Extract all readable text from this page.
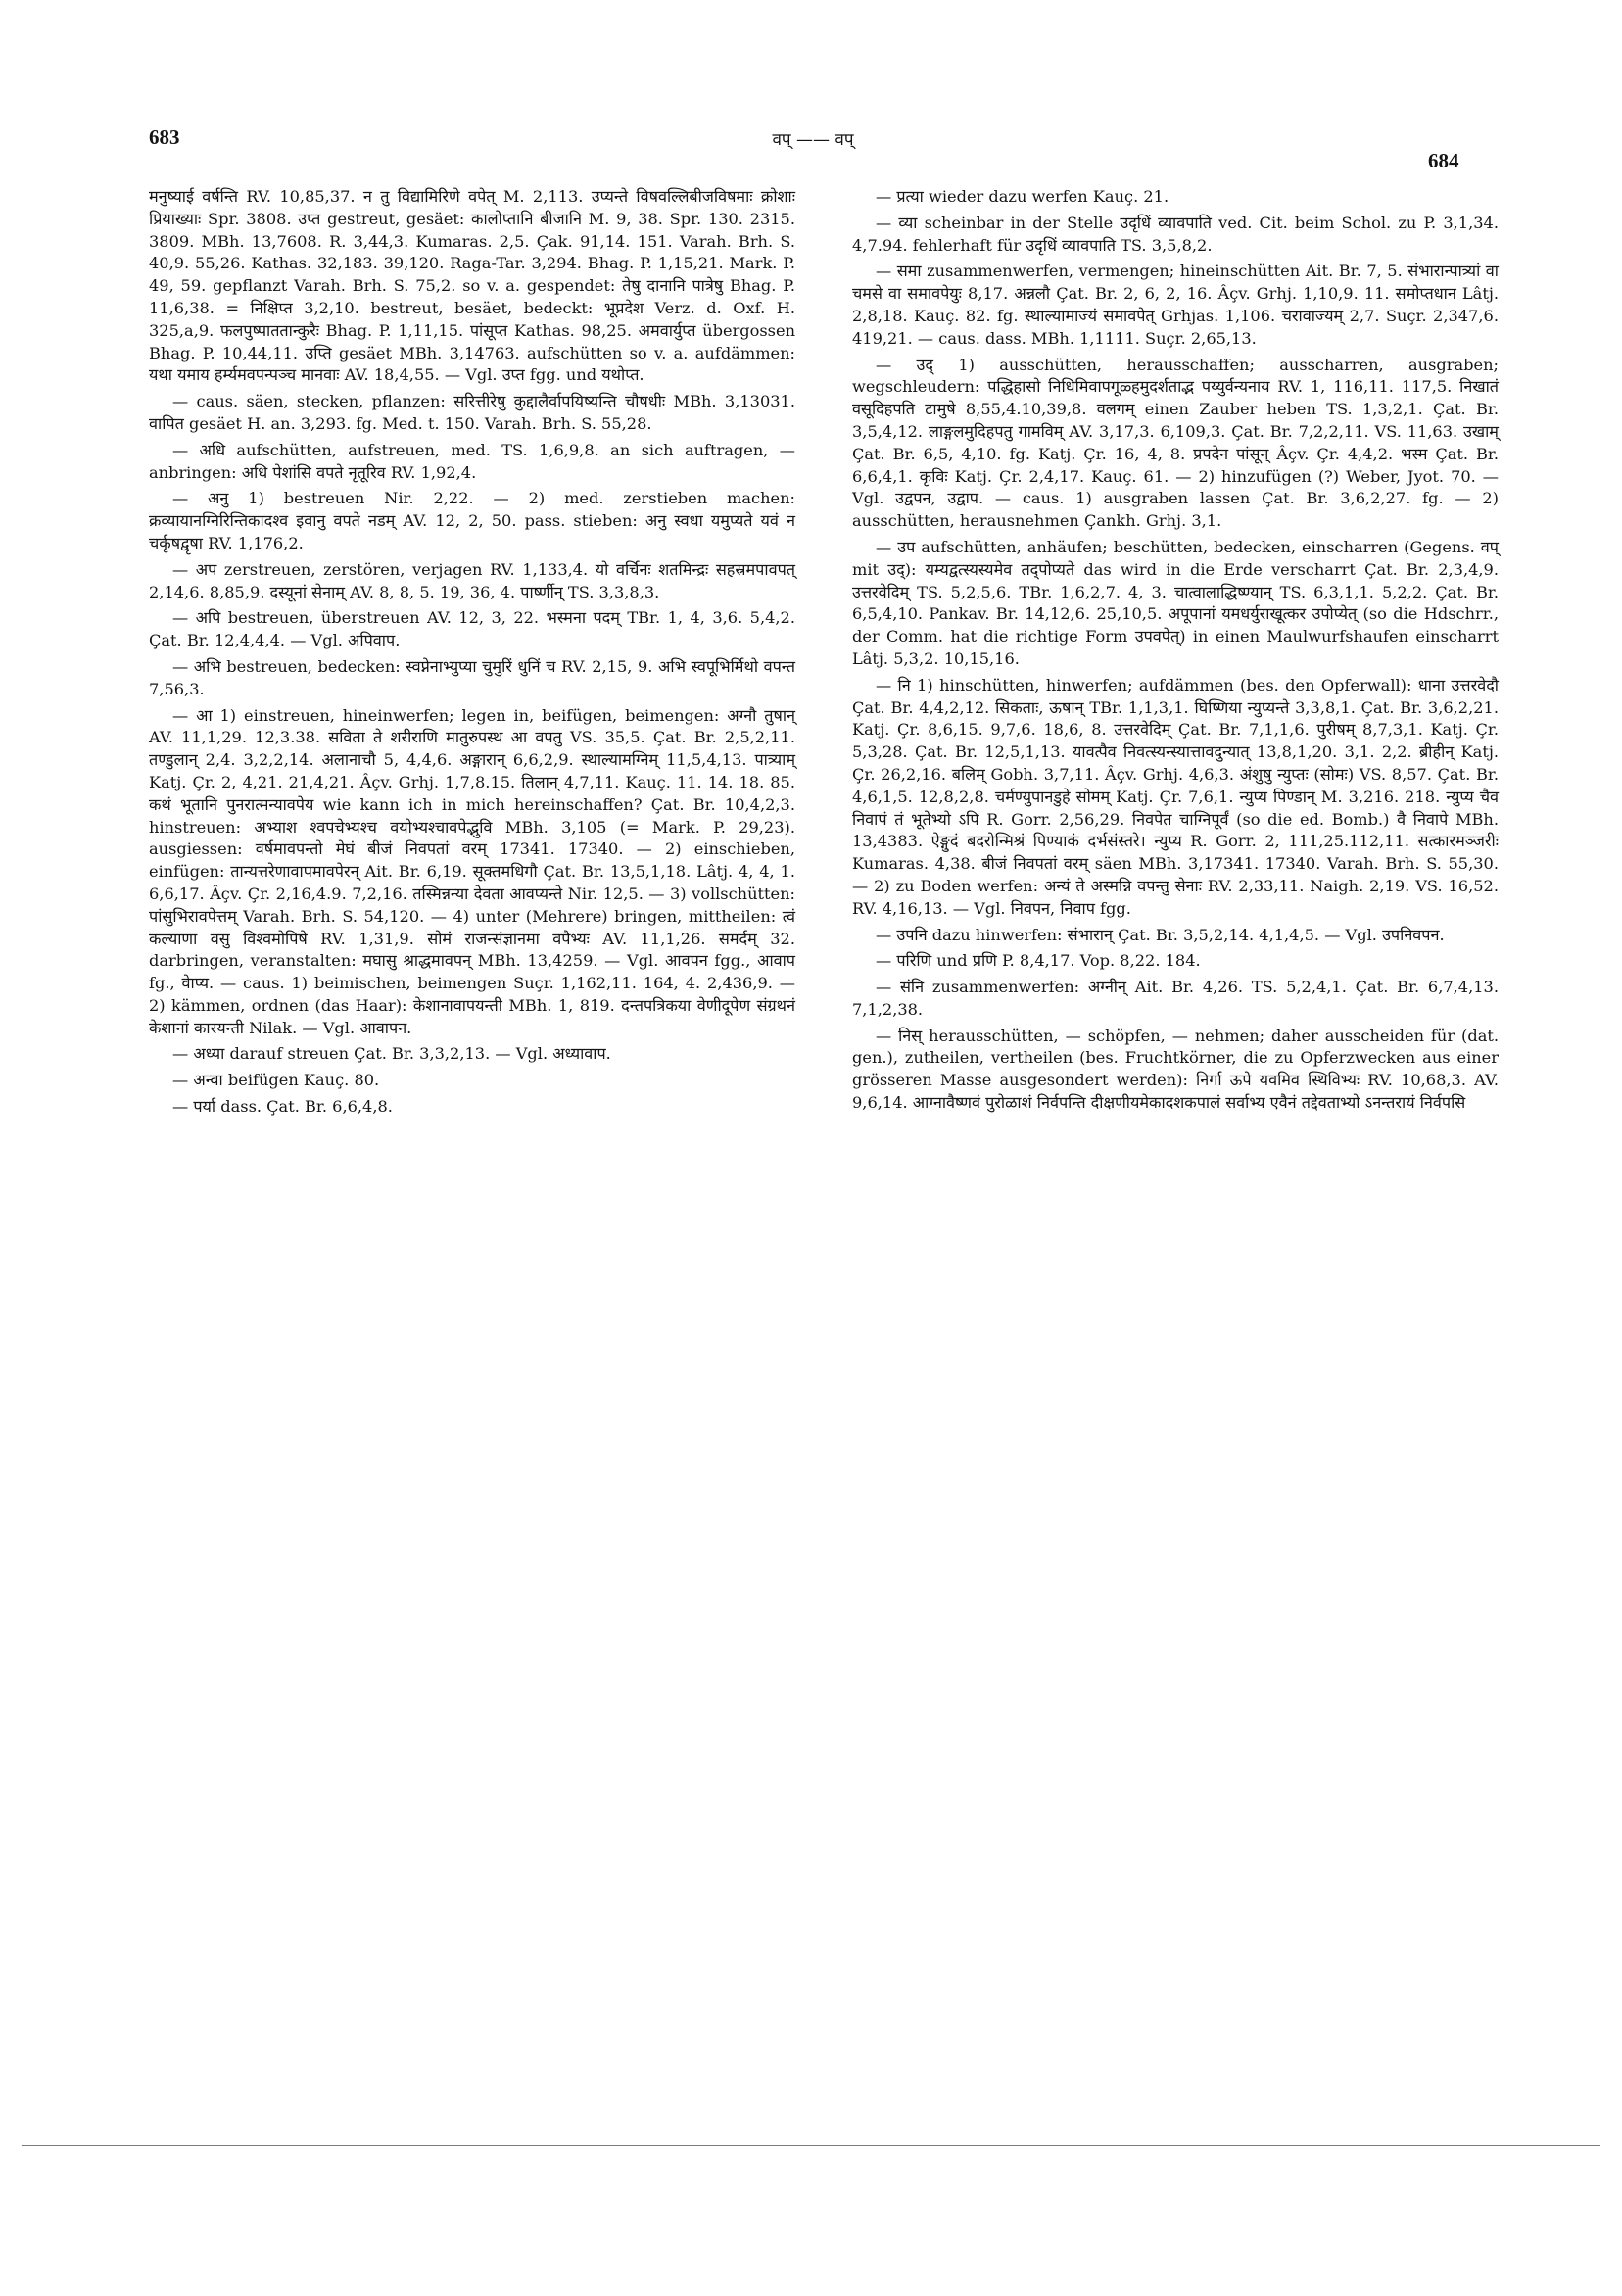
683	वप् —— वप्
684

मनुष्याई वर्षन्ति RV. 10,85,37. न तु विद्यामिरिणे वपेत् M. 2,113. उप्यन्ते विषवल्लिबीजविषमाः क्रोशाः प्रियाख्याः Spr. 3808. उप्त gestreut, gesäet: कालोप्तानि बीजानि M. 9, 38. Spr. 130. 2315. 3809. MBh. 13,7608. R. 3,44,3. Kumaras. 2,5. Çak. 91,14. 151. Varah. Brh. S. 40,9. 55,26. Kathas. 32,183. 39,120. Raga-Tar. 3,294. Bhag. P. 1,15,21. Mark. P. 49, 59. gepflanzt Varah. Brh. S. 75,2. so v. a. gespendet: तेषु दानानि पात्रेषु Bhag. P. 11,6,38. = निक्षिप्त 3,2,10. bestreut, besäet, bedeckt: भूप्रदेश Verz. d. Oxf. H. 325,a,9. फलपुष्पाततान्कुरैः Bhag. P. 1,11,15. पांसूप्त Kathas. 98,25. अमवार्युप्त übergossen Bhag. P. 10,44,11. उप्ति gesäet MBh. 3,14763. aufschütten so v. a. aufdämmen: यथा यमाय हर्म्यमवपन्पञ्च मानवाः AV. 18,4,55. — Vgl. उप्त fgg. und यथोप्त.

— caus. säen, stecken, pflanzen: सरित्तीरेषु कुद्दालैर्वापयिष्यन्ति चौषधीः MBh. 3,13031. वापित gesäet H. an. 3,293. fg. Med. t. 150. Varah. Brh. S. 55,28.

— अधि aufschütten, aufstreuen, med. TS. 1,6,9,8. an sich auftragen, — anbringen: अधि पेशांसि वपते नृतूरिव RV. 1,92,4.

— अनु 1) bestreuen Nir. 2,22. — 2) med. zerstieben machen: क्रव्यायानग्निरिन्तिकादश्व इवानु वपते नडम् AV. 12, 2, 50. pass. stieben: अनु स्वधा यमुप्यते यवं न चर्कृषद्वृषा RV. 1,176,2.

— अप zerstreuen, zerstören, verjagen RV. 1,133,4. यो वर्चिनः शतमिन्द्रः सहस्रमपावपत् 2,14,6. 8,85,9. दस्यूनां सेनाम् AV. 8, 8, 5. 19, 36, 4. पार्ष्णीन् TS. 3,3,8,3.

— अपि bestreuen, überstreuen AV. 12, 3, 22. भस्मना पदम् TBr. 1, 4, 3,6. 5,4,2. Çat. Br. 12,4,4,4. — Vgl. अपिवाप.

— अभि bestreuen, bedecken: स्वप्नेनाभ्युप्या चुमुरिं धुनिं च RV. 2,15, 9. अभि स्वपूभिर्मिथो वपन्त 7,56,3.

— आ 1) einstreuen, hineinwerfen; legen in, beifügen, beimengen: अग्नौ तुषान् AV. 11,1,29. 12,3.38. सविता ते शरीराणि मातुरुपस्थ आ वपतु VS. 35,5. Çat. Br. 2,5,2,11. तण्डुलान् 2,4. 3,2,2,14. अलानाचौ 5, 4,4,6. अङ्गारान् 6,6,2,9. स्थाल्यामग्निम् 11,5,4,13. पात्र्याम् Katj. Çr. 2, 4,21. 21,4,21. Âçv. Grhj. 1,7,8.15. तिलान् 4,7,11. Kauç. 11. 14. 18. 85. कथं भूतानि पुनरात्मन्यावपेय wie kann ich in mich hereinschaffen? Çat. Br. 10,4,2,3. hinstreuen: अभ्याश श्वपचेभ्यश्च वयोभ्यश्चावपेद्भुवि MBh. 3,105 (= Mark. P. 29,23). ausgiessen: वर्षमावपन्तो मेघं बीजं निवपतां वरम् 17341. 17340. — 2) einschieben, einfügen: तान्यत्तरेणावापमावपेरन् Ait. Br. 6,19. सूक्तमधिगौ Çat. Br. 13,5,1,18. Lâtj. 4, 4, 1. 6,6,17. Âçv. Çr. 2,16,4.9. 7,2,16. तस्मिन्नन्या देवता आवप्यन्ते Nir. 12,5. — 3) vollschütten: पांसुभिरावपेत्तम् Varah. Brh. S. 54,120. — 4) unter (Mehrere) bringen, mittheilen: त्वं कल्याणा वसु विश्वमोपिषे RV. 1,31,9. सोमं राजन्संज्ञानमा वपैभ्यः AV. 11,1,26. समर्दम् 32. darbringen, veranstalten: मघासु श्राद्धमावपन् MBh. 13,4259. — Vgl. आवपन fgg., आवाप fg., वेाप्य. — caus. 1) beimischen, beimengen Suçr. 1,162,11. 164, 4. 2,436,9. — 2) kämmen, ordnen (das Haar): केशानावापयन्ती MBh. 1, 819. दन्तपत्रिकया वेणीदूपेण संग्रथनं केशानां कारयन्ती Nilak. — Vgl. आवापन.

— अध्या darauf streuen Çat. Br. 3,3,2,13. — Vgl. अध्यावाप.

— अन्वा beifügen Kauç. 80.

— पर्या dass. Çat. Br. 6,6,4,8.

— प्रत्या wieder dazu werfen Kauç. 21.

— व्या scheinbar in der Stelle उदृधिं व्यावपाति ved. Cit. beim Schol. zu P. 3,1,34. 4,7.94. fehlerhaft für उदृधिं व्यावपाति TS. 3,5,8,2.

— समा zusammenwerfen, vermengen; hineinschütten Ait. Br. 7, 5. संभारान्पात्र्यां वा चमसे वा समावपेयुः 8,17. अन्नलौ Çat. Br. 2, 6, 2, 16. Âçv. Grhj. 1,10,9. 11. समोप्तधान Lâtj. 2,8,18. Kauç. 82. fg. स्थाल्यामाज्यं समावपेत् Grhjas. 1,106. चरावाज्यम् 2,7. Suçr. 2,347,6. 419,21. — caus. dass. MBh. 1,1111. Suçr. 2,65,13.

— उद् 1) ausschütten, herausschaffen; ausscharren, ausgraben; wegschleudern: पद्धिहासो निधिमिवापगूळ्हमुदर्शताद्भ पय्युर्वन्यनाय RV. 1, 116,11. 117,5. निखातं वसूदिहपति टामुषे 8,55,4.10,39,8. वलगम् einen Zauber heben TS. 1,3,2,1. Çat. Br. 3,5,4,12. लाङ्गलमुदिहपतु गामविम् AV. 3,17,3. 6,109,3. Çat. Br. 7,2,2,11. VS. 11,63. उखाम् Çat. Br. 6,5, 4,10. fg. Katj. Çr. 16, 4, 8. प्रपदेन पांसून् Âçv. Çr. 4,4,2. भस्म Çat. Br. 6,6,4,1. कृविः Katj. Çr. 2,4,17. Kauç. 61. — 2) hinzufügen (?) Weber, Jyot. 70. — Vgl. उद्वपन, उद्वाप. — caus. 1) ausgraben lassen Çat. Br. 3,6,2,27. fg. — 2) ausschütten, herausnehmen Çankh. Grhj. 3,1.

— उप aufschütten, anhäufen; beschütten, bedecken, einscharren (Gegens. वप् mit उद्): यम्यद्वत्स्यस्यमेव तद्पोप्यते das wird in die Erde verscharrt Çat. Br. 2,3,4,9. उत्तरवेदिम् TS. 5,2,5,6. TBr. 1,6,2,7. 4, 3. चात्वालाद्धिष्ण्यान् TS. 6,3,1,1. 5,2,2. Çat. Br. 6,5,4,10. Pankav. Br. 14,12,6. 25,10,5. अपूपानां यमधर्युराखूत्कर उपोप्येत् (so die Hdschrr., der Comm. hat die richtige Form उपवपेत्) in einen Maulwurfshaufen einscharrt Lâtj. 5,3,2. 10,15,16.

— नि 1) hinschütten, hinwerfen; aufdämmen (bes. den Opferwall): धाना उत्तरवेदौ Çat. Br. 4,4,2,12. सिकताः, ऊषान् TBr. 1,1,3,1. घिष्णिया न्युप्यन्ते 3,3,8,1. Çat. Br. 3,6,2,21. Katj. Çr. 8,6,15. 9,7,6. 18,6, 8. उत्तरवेदिम् Çat. Br. 7,1,1,6. पुरीषम् 8,7,3,1. Katj. Çr. 5,3,28. Çat. Br. 12,5,1,13. यावत्पैव निवत्स्यन्स्यात्तावदुन्यात् 13,8,1,20. 3,1. 2,2. ब्रीहीन् Katj. Çr. 26,2,16. बलिम् Gobh. 3,7,11. Âçv. Grhj. 4,6,3. अंशुषु न्युप्तः (सोमः) VS. 8,57. Çat. Br. 4,6,1,5. 12,8,2,8. चर्मण्युपानडुहे सोमम् Katj. Çr. 7,6,1. न्युप्य पिण्डान् M. 3,216. 218. न्युप्य चैव निवापं तं भूतेभ्यो ऽपि R. Gorr. 2,56,29. निवपेत चाग्निपूर्वं (so die ed. Bomb.) वै निवापे MBh. 13,4383. ऐङ्गुदं बदरोन्मिश्रं पिण्याकं दर्भसंस्तरे। न्युप्य R. Gorr. 2, 111,25.112,11. सत्कारमञ्जरीः Kumaras. 4,38. बीजं निवपतां वरम् säen MBh. 3,17341. 17340. Varah. Brh. S. 55,30. — 2) zu Boden werfen: अन्यं ते अस्मन्नि वपन्तु सेनाः RV. 2,33,11. Naigh. 2,19. VS. 16,52. RV. 4,16,13. — Vgl. निवपन, निवाप fgg.

— उपनि dazu hinwerfen: संभारान् Çat. Br. 3,5,2,14. 4,1,4,5. — Vgl. उपनिवपन.

— परिणि und प्रणि P. 8,4,17. Vop. 8,22. 184.

— संनि zusammenwerfen: अग्नीन् Ait. Br. 4,26. TS. 5,2,4,1. Çat. Br. 6,7,4,13. 7,1,2,38.

— निस् herausschütten, — schöpfen, — nehmen; daher ausscheiden für (dat. gen.), zutheilen, vertheilen (bes. Fruchtkörner, die zu Opferzwecken aus einer grösseren Masse ausgesondert werden): निर्गा ऊपे यवमिव स्थिविभ्यः RV. 10,68,3. AV. 9,6,14. आग्नावैष्णवं पुरोळाशं निर्वपन्ति दीक्षणीयमेकादशकपालं सर्वाभ्य एवैनं तद्देवताभ्यो ऽनन्तरायं निर्वपसि
